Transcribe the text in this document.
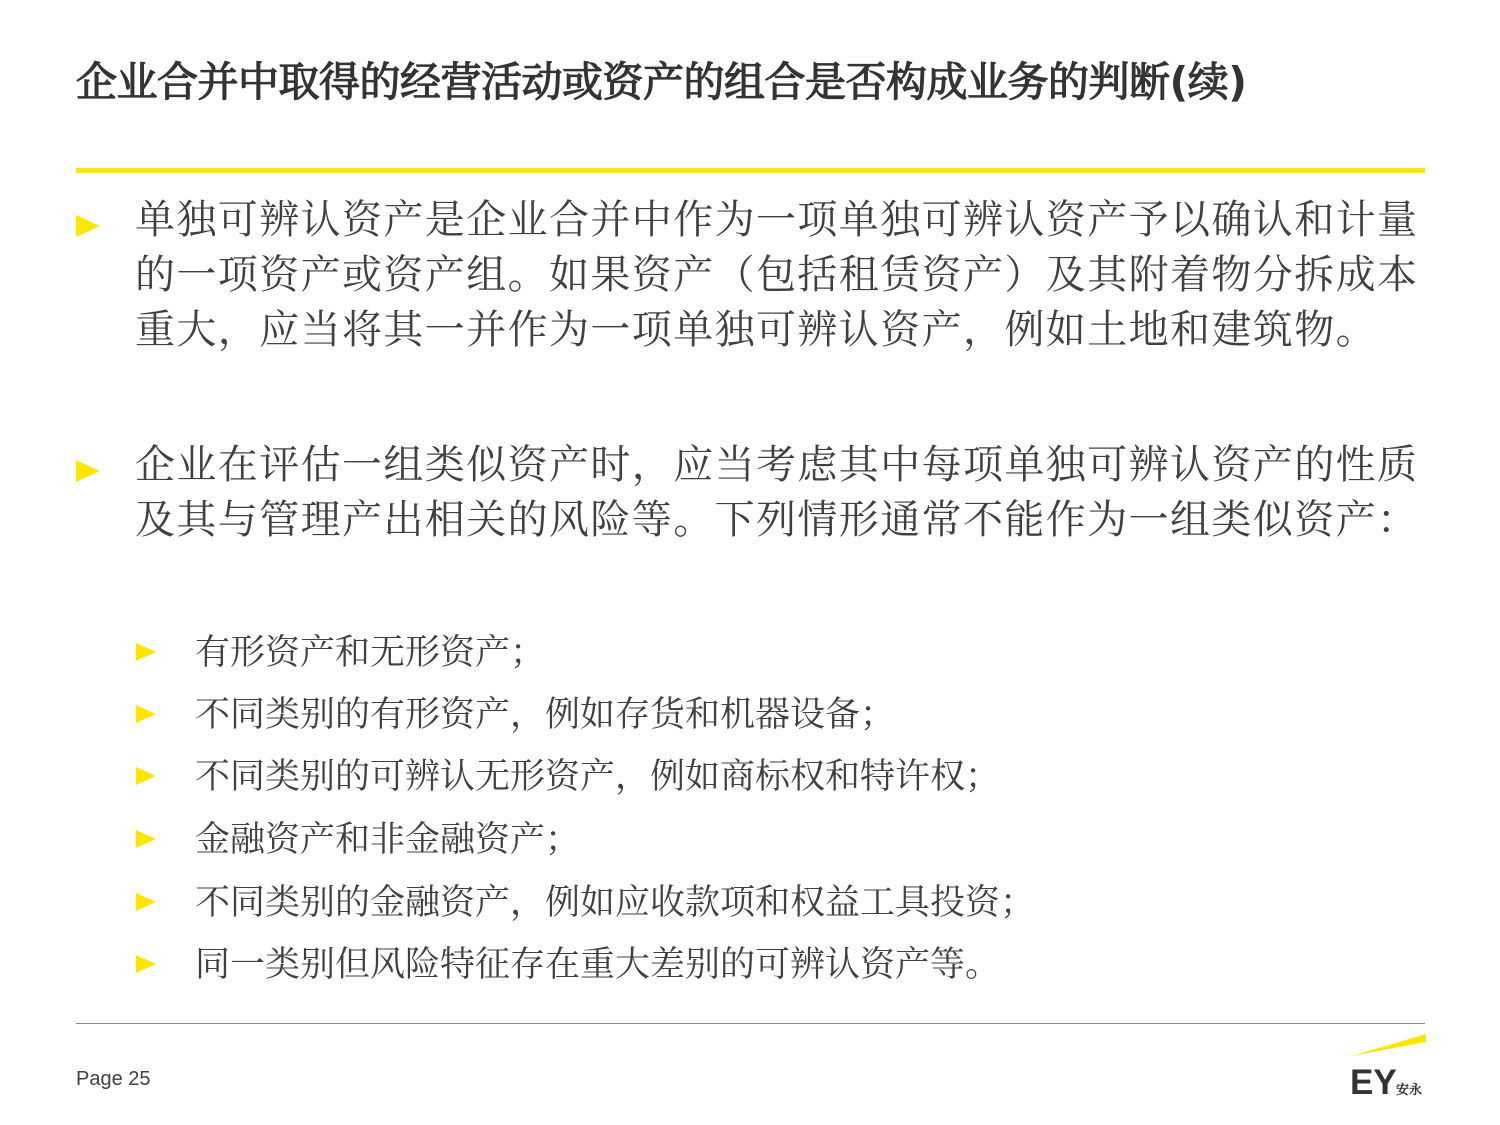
企业合并中取得的经营活动或资产的组合是否构成业务的判断(续)
单独可辨认资产是企业合并中作为一项单独可辨认资产予以确认和计量的一项资产或资产组。如果资产（包括租赁资产）及其附着物分拆成本重大，应当将其一并作为一项单独可辨认资产，例如土地和建筑物。
企业在评估一组类似资产时，应当考虑其中每项单独可辨认资产的性质及其与管理产出相关的风险等。下列情形通常不能作为一组类似资产：
有形资产和无形资产；
不同类别的有形资产，例如存货和机器设备；
不同类别的可辨认无形资产，例如商标权和特许权；
金融资产和非金融资产；
不同类别的金融资产，例如应收款项和权益工具投资；
同一类别但风险特征存在重大差别的可辨认资产等。
Page 25	EY 安永
